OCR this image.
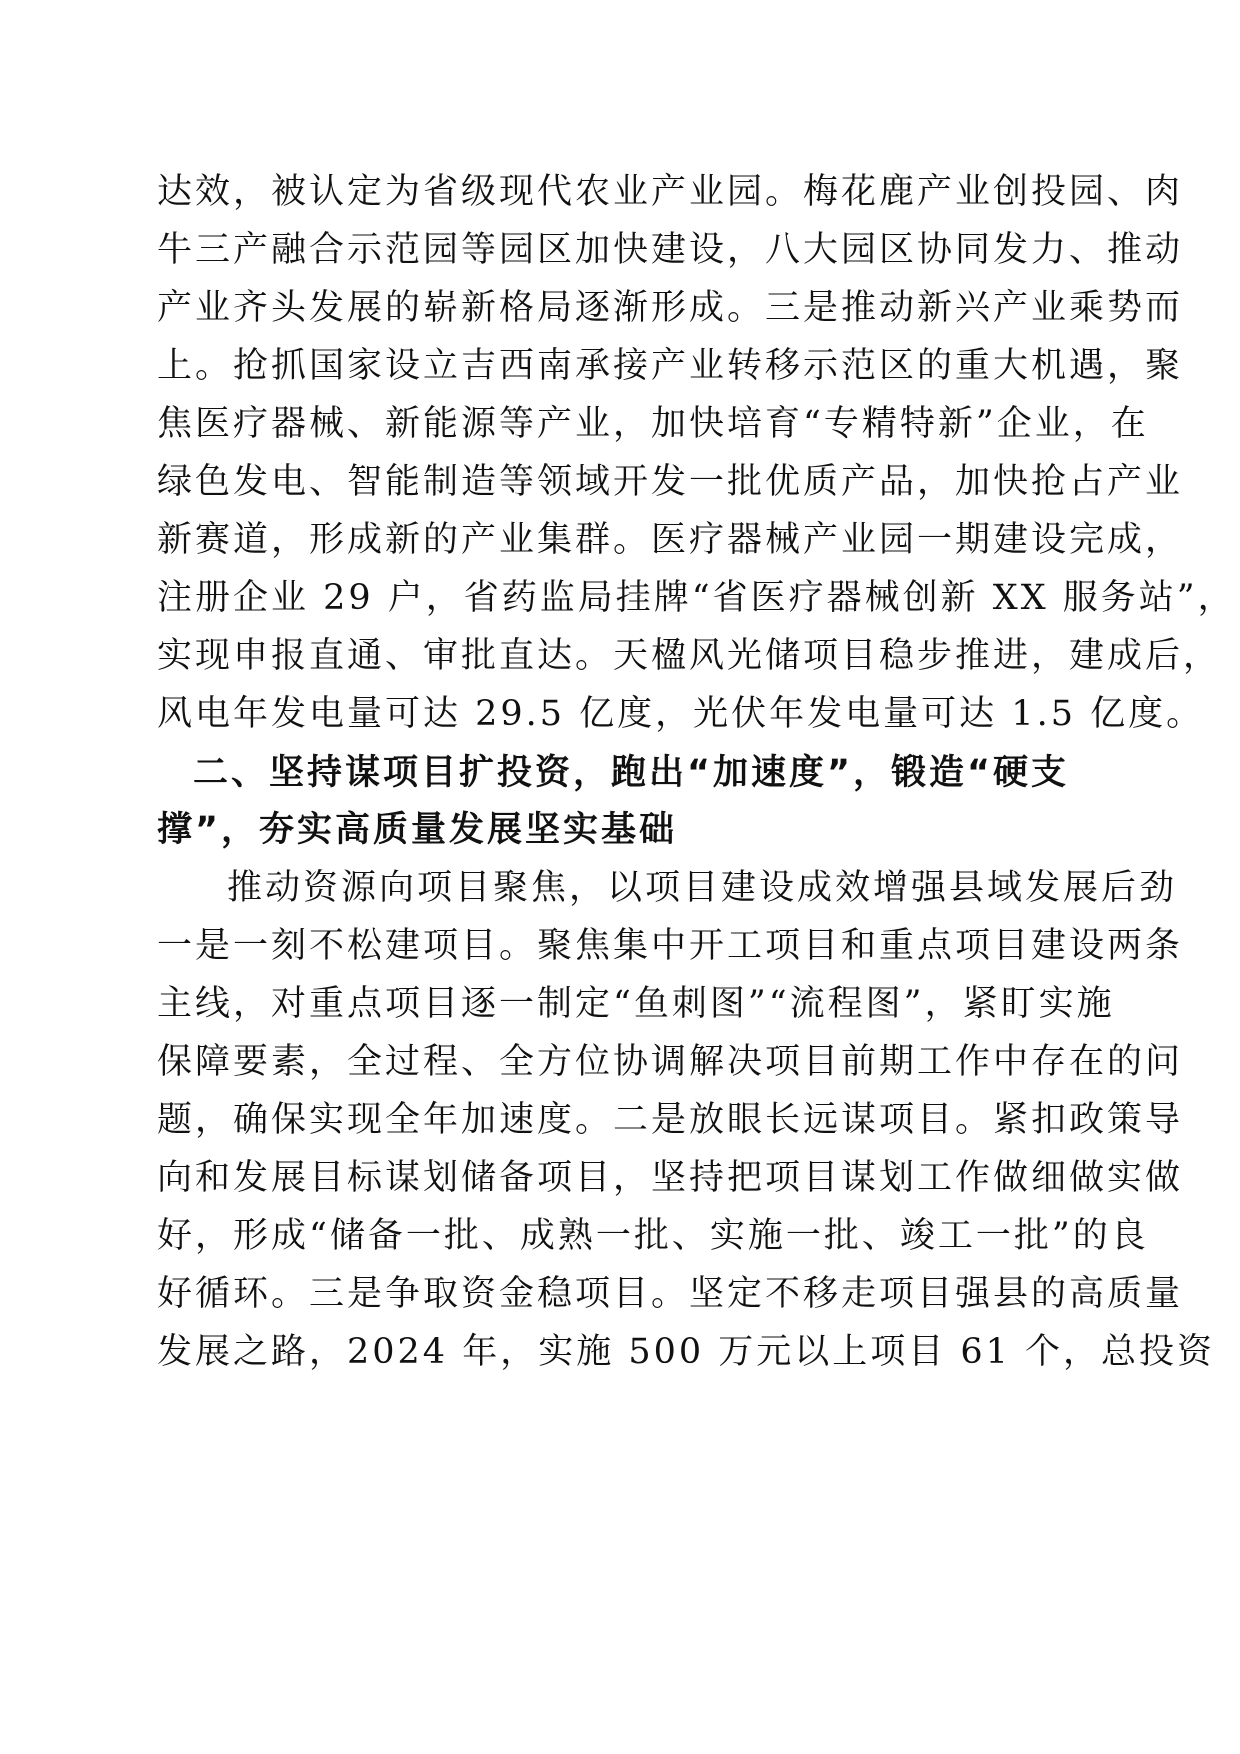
达效，被认定为省级现代农业产业园。梅花鹿产业创投园、肉
牛三产融合示范园等园区加快建设，八大园区协同发力、推动
产业齐头发展的崭新格局逐渐形成。三是推动新兴产业乘势而
上。抢抓国家设立吉西南承接产业转移示范区的重大机遇，聚
焦医疗器械、新能源等产业，加快培育“专精特新”企业，在
绿色发电、智能制造等领域开发一批优质产品，加快抢占产业
新赛道，形成新的产业集群。医疗器械产业园一期建设完成，
注册企业 29 户，省药监局挂牌“省医疗器械创新 XX 服务站”，
实现申报直通、审批直达。天楹风光储项目稳步推进，建成后，
风电年发电量可达 29.5 亿度，光伏年发电量可达 1.5 亿度。
二、坚持谋项目扩投资，跑出“加速度”，锻造“硬支
撑”，夯实高质量发展坚实基础
推动资源向项目聚焦，以项目建设成效增强县域发展后劲
一是一刻不松建项目。聚焦集中开工项目和重点项目建设两条
主线，对重点项目逐一制定“鱼刺图”“流程图”，紧盯实施
保障要素，全过程、全方位协调解决项目前期工作中存在的问
题，确保实现全年加速度。二是放眼长远谋项目。紧扣政策导
向和发展目标谋划储备项目，坚持把项目谋划工作做细做实做
好，形成“储备一批、成熟一批、实施一批、竣工一批”的良
好循环。三是争取资金稳项目。坚定不移走项目强县的高质量
发展之路，2024 年，实施 500 万元以上项目 61 个，总投资
